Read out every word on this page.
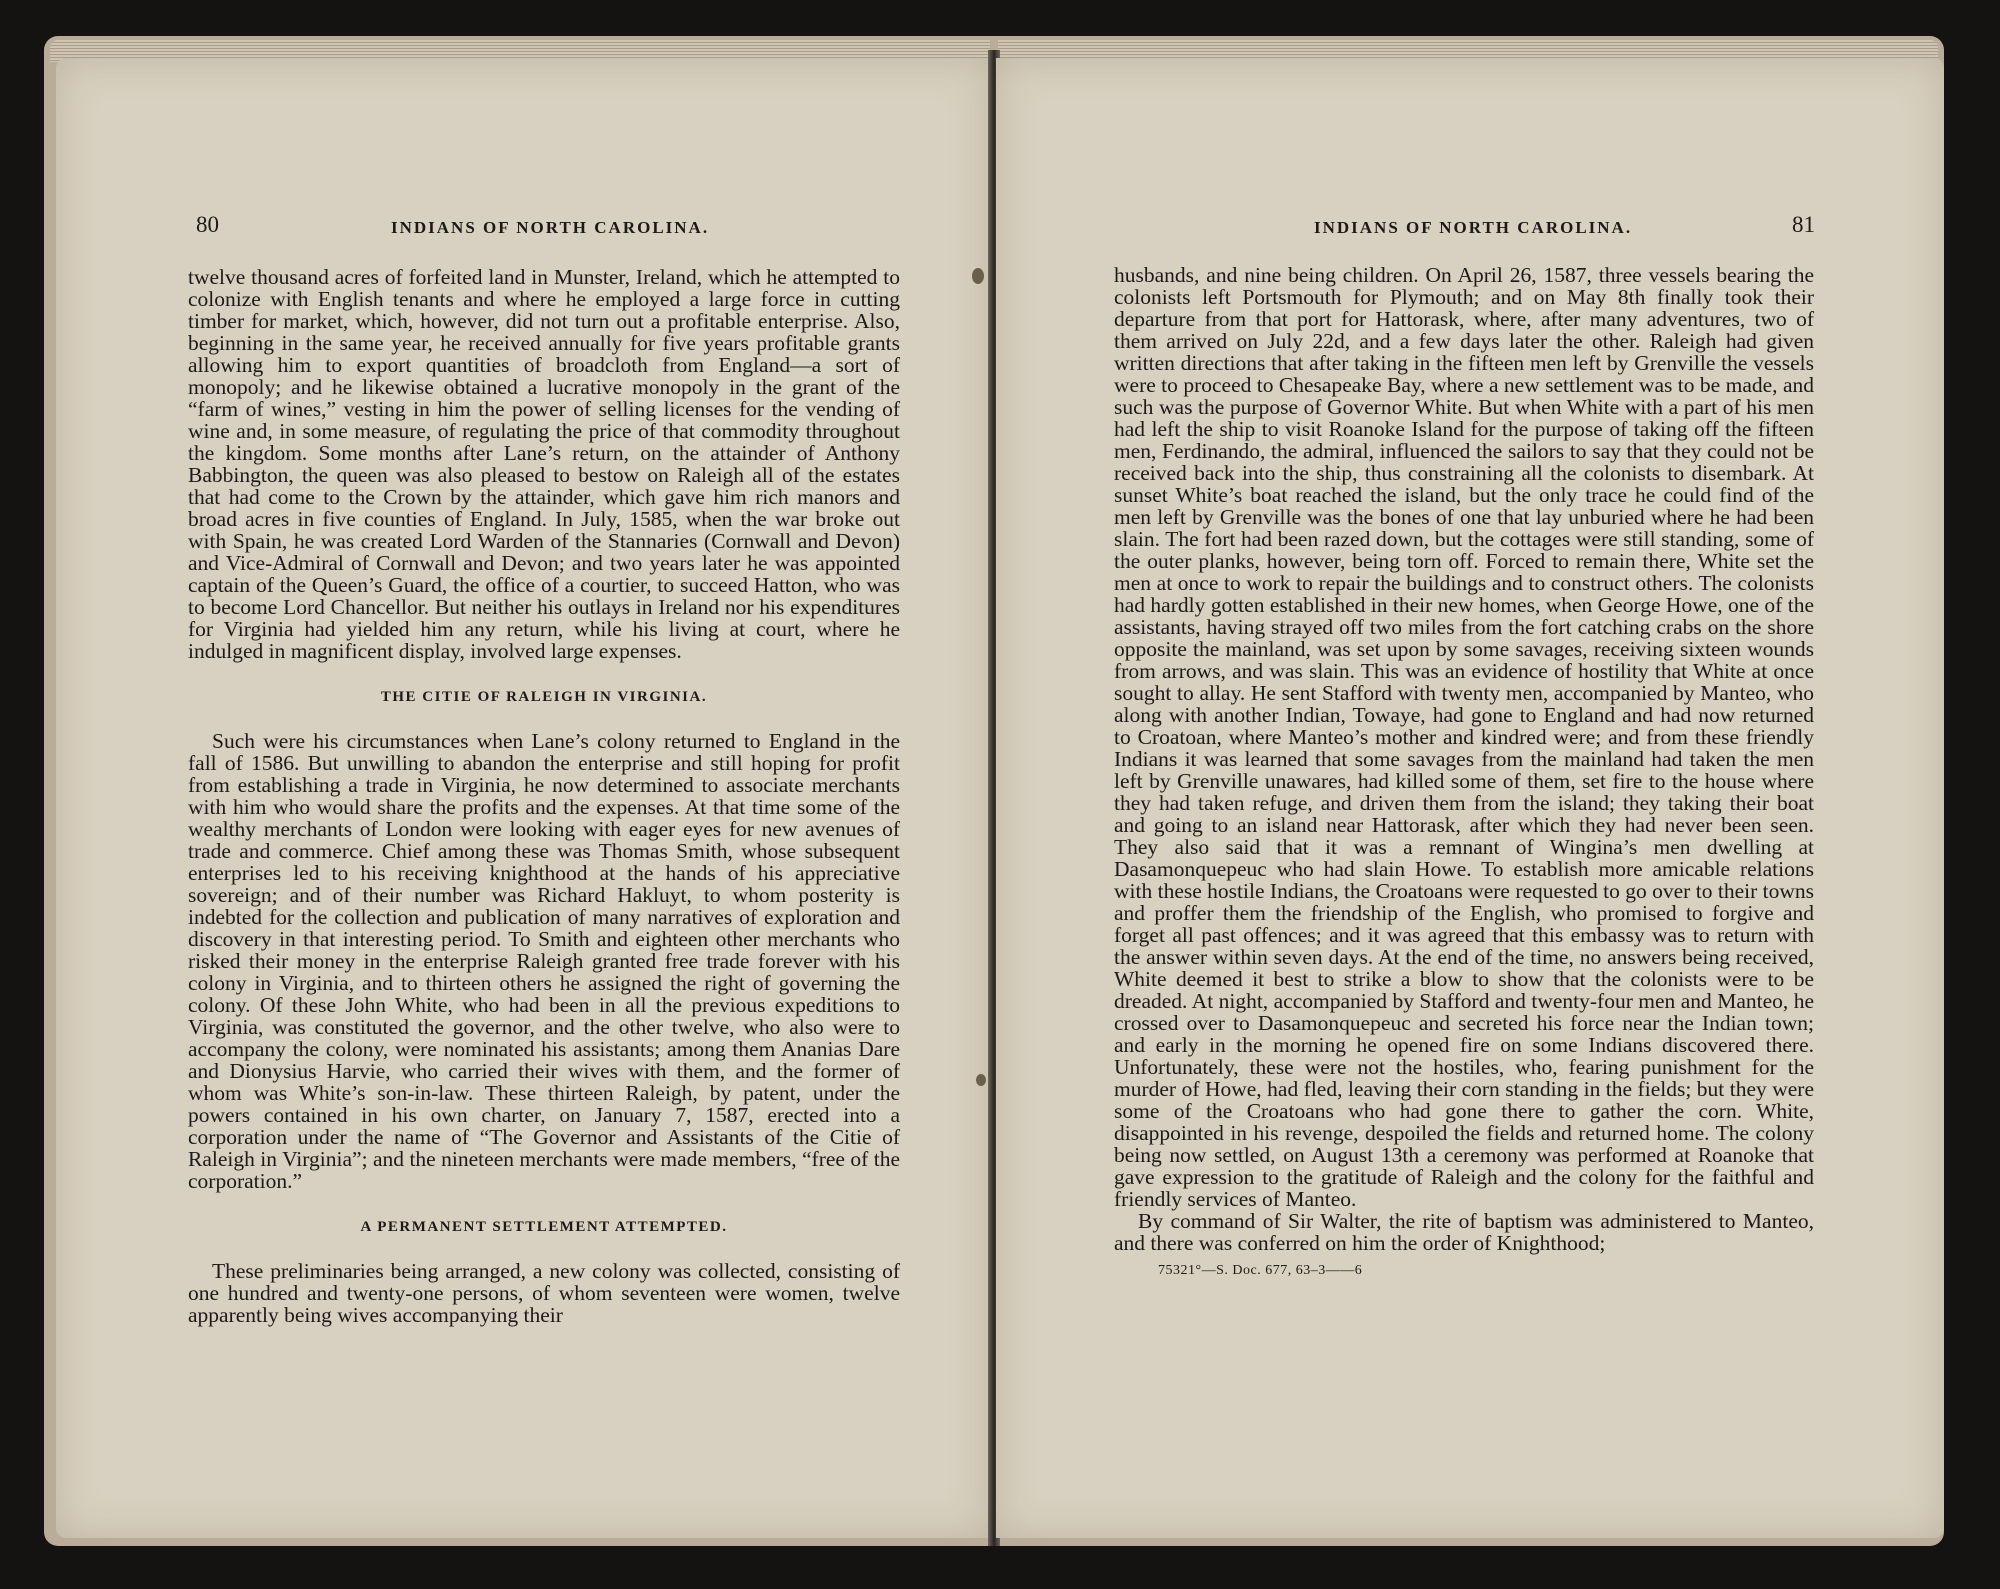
80	INDIANS OF NORTH CAROLINA.

twelve thousand acres of forfeited land in Munster, Ireland, which he attempted to colonize with English tenants and where he employed a large force in cutting timber for market, which, however, did not turn out a profitable enterprise. Also, beginning in the same year, he received annually for five years profitable grants allowing him to export quantities of broadcloth from England—a sort of monopoly; and he likewise obtained a lucrative monopoly in the grant of the “farm of wines,” vesting in him the power of selling licenses for the vending of wine and, in some measure, of regulating the price of that commodity throughout the kingdom. Some months after Lane’s return, on the attainder of Anthony Babbington, the queen was also pleased to bestow on Raleigh all of the estates that had come to the Crown by the attainder, which gave him rich manors and broad acres in five counties of England. In July, 1585, when the war broke out with Spain, he was created Lord Warden of the Stannaries (Cornwall and Devon) and Vice-Admiral of Cornwall and Devon; and two years later he was appointed captain of the Queen’s Guard, the office of a courtier, to succeed Hatton, who was to become Lord Chancellor. But neither his outlays in Ireland nor his expenditures for Virginia had yielded him any return, while his living at court, where he indulged in magnificent display, involved large expenses.

THE CITIE OF RALEIGH IN VIRGINIA.

Such were his circumstances when Lane’s colony returned to England in the fall of 1586. But unwilling to abandon the enterprise and still hoping for profit from establishing a trade in Virginia, he now determined to associate merchants with him who would share the profits and the expenses. At that time some of the wealthy merchants of London were looking with eager eyes for new avenues of trade and commerce. Chief among these was Thomas Smith, whose subsequent enterprises led to his receiving knighthood at the hands of his appreciative sovereign; and of their number was Richard Hakluyt, to whom posterity is indebted for the collection and publication of many narratives of exploration and discovery in that interesting period. To Smith and eighteen other merchants who risked their money in the enterprise Raleigh granted free trade forever with his colony in Virginia, and to thirteen others he assigned the right of governing the colony. Of these John White, who had been in all the previous expeditions to Virginia, was constituted the governor, and the other twelve, who also were to accompany the colony, were nominated his assistants; among them Ananias Dare and Dionysius Harvie, who carried their wives with them, and the former of whom was White’s son-in-law. These thirteen Raleigh, by patent, under the powers contained in his own charter, on January 7, 1587, erected into a corporation under the name of “The Governor and Assistants of the Citie of Raleigh in Virginia”; and the nineteen merchants were made members, “free of the corporation.”

A PERMANENT SETTLEMENT ATTEMPTED.

These preliminaries being arranged, a new colony was collected, consisting of one hundred and twenty-one persons, of whom seventeen were women, twelve apparently being wives accompanying their

INDIANS OF NORTH CAROLINA.	81

husbands, and nine being children. On April 26, 1587, three vessels bearing the colonists left Portsmouth for Plymouth; and on May 8th finally took their departure from that port for Hattorask, where, after many adventures, two of them arrived on July 22d, and a few days later the other. Raleigh had given written directions that after taking in the fifteen men left by Grenville the vessels were to proceed to Chesapeake Bay, where a new settlement was to be made, and such was the purpose of Governor White. But when White with a part of his men had left the ship to visit Roanoke Island for the purpose of taking off the fifteen men, Ferdinando, the admiral, influenced the sailors to say that they could not be received back into the ship, thus constraining all the colonists to disembark. At sunset White’s boat reached the island, but the only trace he could find of the men left by Grenville was the bones of one that lay unburied where he had been slain. The fort had been razed down, but the cottages were still standing, some of the outer planks, however, being torn off. Forced to remain there, White set the men at once to work to repair the buildings and to construct others. The colonists had hardly gotten established in their new homes, when George Howe, one of the assistants, having strayed off two miles from the fort catching crabs on the shore opposite the mainland, was set upon by some savages, receiving sixteen wounds from arrows, and was slain. This was an evidence of hostility that White at once sought to allay. He sent Stafford with twenty men, accompanied by Manteo, who along with another Indian, Towaye, had gone to England and had now returned to Croatoan, where Manteo’s mother and kindred were; and from these friendly Indians it was learned that some savages from the mainland had taken the men left by Grenville unawares, had killed some of them, set fire to the house where they had taken refuge, and driven them from the island; they taking their boat and going to an island near Hattorask, after which they had never been seen. They also said that it was a remnant of Wingina’s men dwelling at Dasamonquepeuc who had slain Howe. To establish more amicable relations with these hostile Indians, the Croatoans were requested to go over to their towns and proffer them the friendship of the English, who promised to forgive and forget all past offences; and it was agreed that this embassy was to return with the answer within seven days. At the end of the time, no answers being received, White deemed it best to strike a blow to show that the colonists were to be dreaded. At night, accompanied by Stafford and twenty-four men and Manteo, he crossed over to Dasamonquepeuc and secreted his force near the Indian town; and early in the morning he opened fire on some Indians discovered there. Unfortunately, these were not the hostiles, who, fearing punishment for the murder of Howe, had fled, leaving their corn standing in the fields; but they were some of the Croatoans who had gone there to gather the corn. White, disappointed in his revenge, despoiled the fields and returned home. The colony being now settled, on August 13th a ceremony was performed at Roanoke that gave expression to the gratitude of Raleigh and the colony for the faithful and friendly services of Manteo.

By command of Sir Walter, the rite of baptism was administered to Manteo, and there was conferred on him the order of Knighthood;

75321°—S. Doc. 677, 63–3——6
